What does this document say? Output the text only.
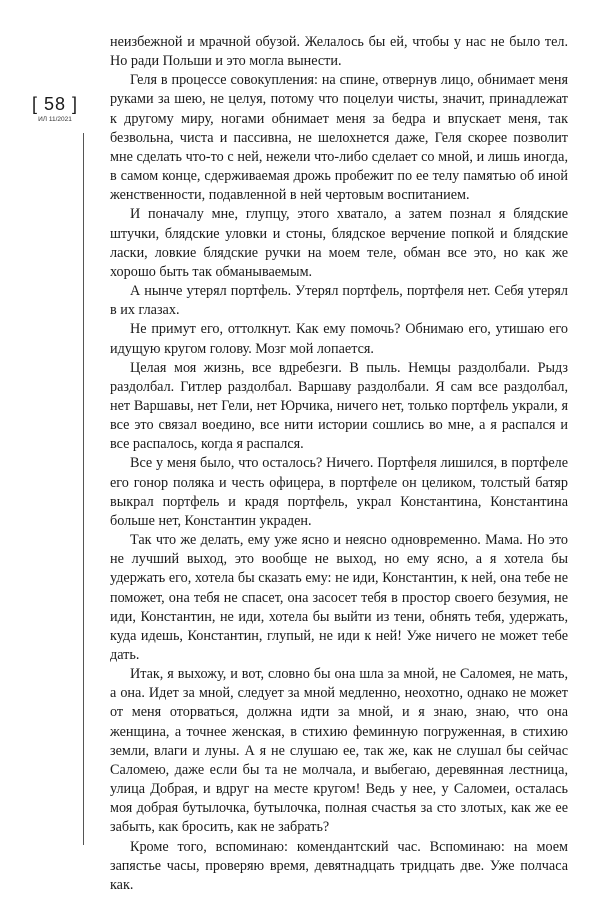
[ 58 ]
ИЛ 11/2021

неизбежной и мрачной обузой. Желалось бы ей, чтобы у нас не было тел. Но ради Польши и это могла вынести.

Геля в процессе совокупления: на спине, отвернув лицо, обнимает меня руками за шею, не целуя, потому что поцелуи чисты, значит, принадлежат к другому миру, ногами обнимает меня за бедра и впускает меня, так безвольна, чиста и пассивна, не шелохнется даже, Геля скорее позволит мне сделать что-то с ней, нежели что-либо сделает со мной, и лишь иногда, в самом конце, сдерживаемая дрожь пробежит по ее телу памятью об иной женственности, подавленной в ней чертовым воспитанием.

И поначалу мне, глупцу, этого хватало, а затем познал я блядские штучки, блядские уловки и стоны, блядское верчение попкой и блядские ласки, ловкие блядские ручки на моем теле, обман все это, но как же хорошо быть так обманываемым.

А нынче утерял портфель. Утерял портфель, портфеля нет. Себя утерял в их глазах.

Не примут его, оттолкнут. Как ему помочь? Обнимаю его, утишаю его идущую кругом голову. Мозг мой лопается.

Целая моя жизнь, все вдребезги. В пыль. Немцы раздолбали. Рыдз раздолбал. Гитлер раздолбал. Варшаву раздолбали. Я сам все раздолбал, нет Варшавы, нет Гели, нет Юрчика, ничего нет, только портфель украли, я все это связал воедино, все нити истории сошлись во мне, а я распался и все распалось, когда я распался.

Все у меня было, что осталось? Ничего. Портфеля лишился, в портфеле его гонор поляка и честь офицера, в портфеле он целиком, толстый батяр выкрал портфель и крадя портфель, украл Константина, Константина больше нет, Константин украден.

Так что же делать, ему уже ясно и неясно одновременно. Мама. Но это не лучший выход, это вообще не выход, но ему ясно, а я хотела бы удержать его, хотела бы сказать ему: не иди, Константин, к ней, она тебе не поможет, она тебя не спасет, она засосет тебя в простор своего безумия, не иди, Константин, не иди, хотела бы выйти из тени, обнять тебя, удержать, куда идешь, Константин, глупый, не иди к ней! Уже ничего не может тебе дать.

Итак, я выхожу, и вот, словно бы она шла за мной, не Саломея, не мать, а она. Идет за мной, следует за мной медленно, неохотно, однако не может от меня оторваться, должна идти за мной, и я знаю, знаю, что она женщина, а точнее женская, в стихию феминную погруженная, в стихию земли, влаги и луны. А я не слушаю ее, так же, как не слушал бы сейчас Саломею, даже если бы та не молчала, и выбегаю, деревянная лестница, улица Добрая, и вдруг на месте кругом! Ведь у нее, у Саломеи, осталась моя добрая бутылочка, бутылочка, полная счастья за сто злотых, как же ее забыть, как бросить, как не забрать?

Кроме того, вспоминаю: комендантский час. Вспоминаю: на моем запястье часы, проверяю время, девятнадцать тридцать две. Уже полчаса как.
